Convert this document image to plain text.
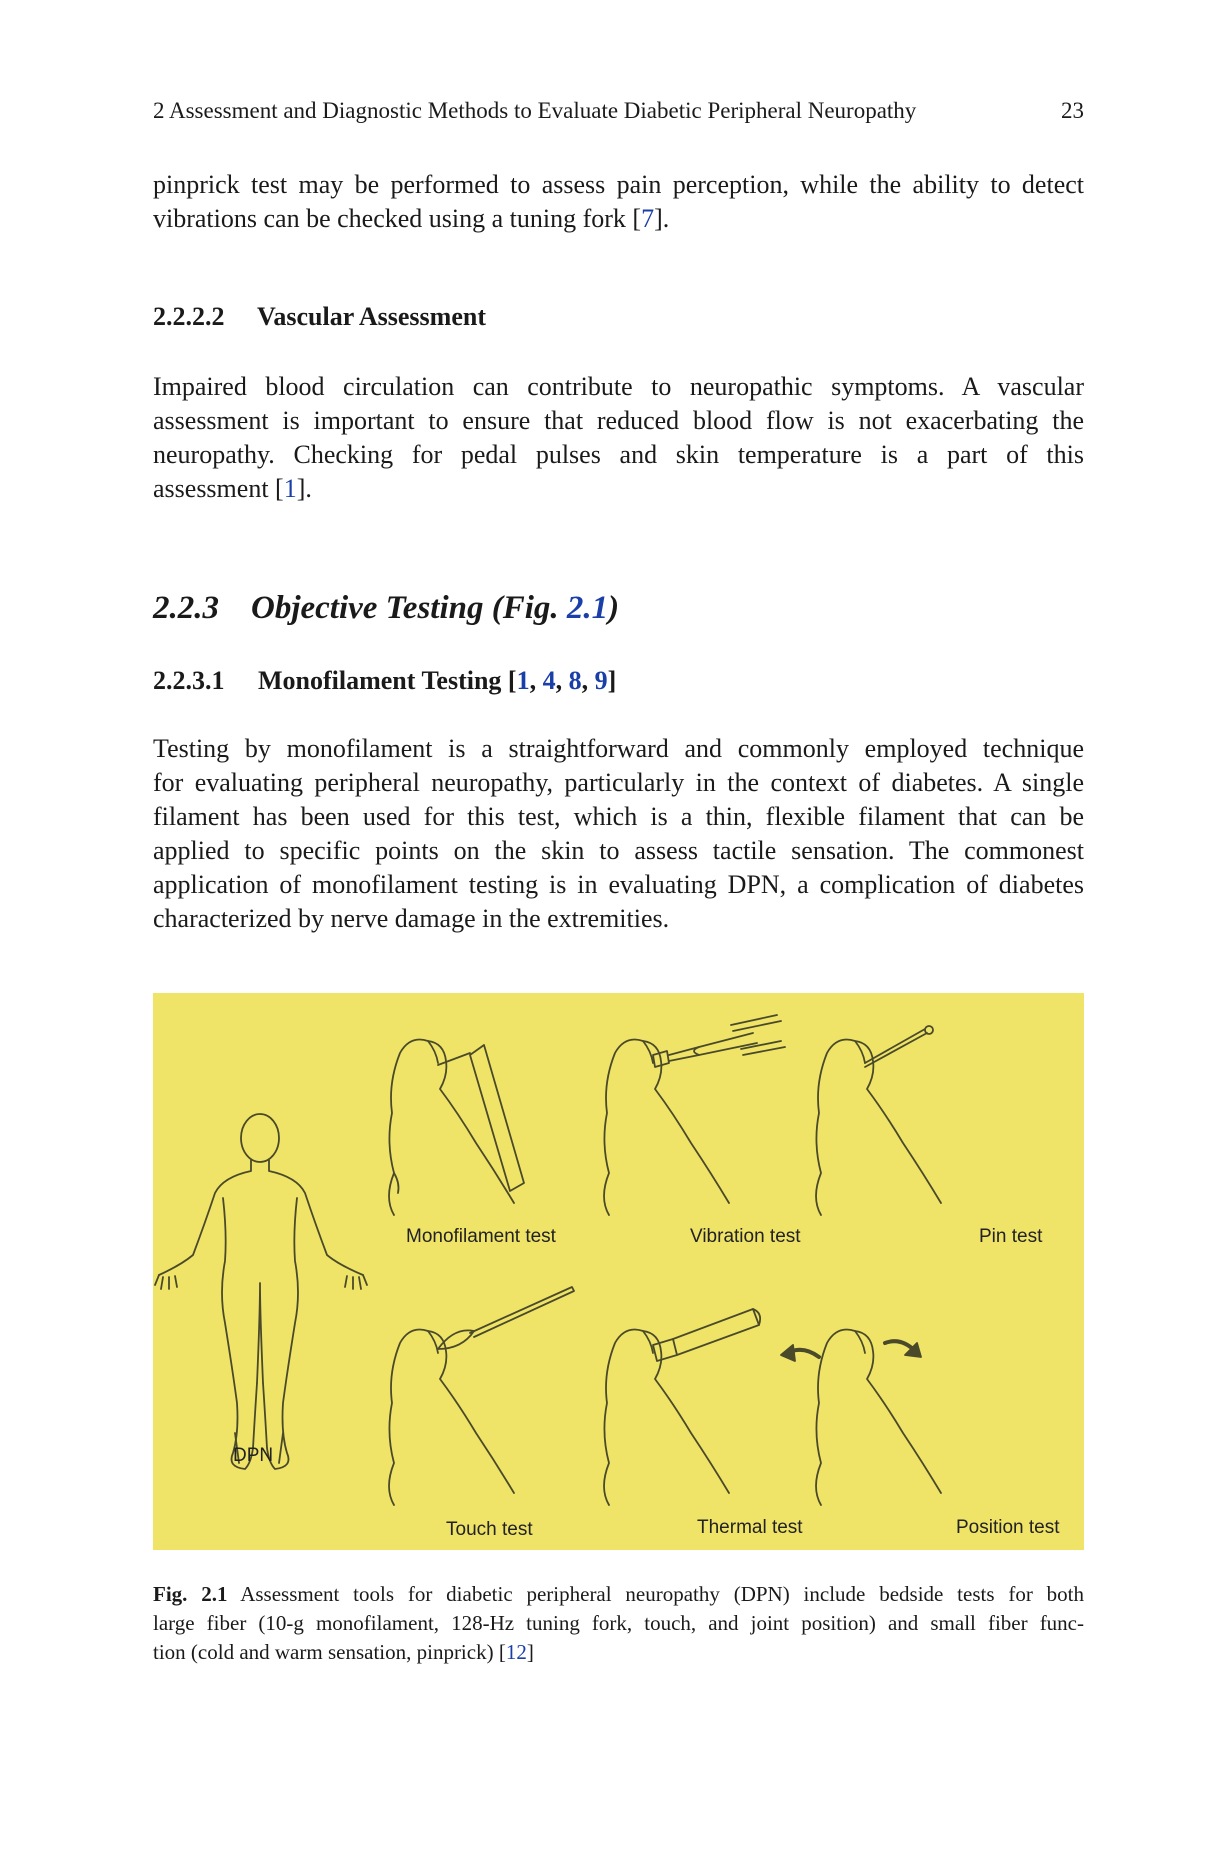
2 Assessment and Diagnostic Methods to Evaluate Diabetic Peripheral Neuropathy	23

pinprick test may be performed to assess pain perception, while the ability to detect
vibrations can be checked using a tuning fork [7].

2.2.2.2 Vascular Assessment

Impaired blood circulation can contribute to neuropathic symptoms. A vascular
assessment is important to ensure that reduced blood flow is not exacerbating the
neuropathy. Checking for pedal pulses and skin temperature is a part of this
assessment [1].

2.2.3 Objective Testing (Fig. 2.1)
2.2.3.1 Monofilament Testing [1, 4, 8, 9]

Testing by monofilament is a straightforward and commonly employed technique
for evaluating peripheral neuropathy, particularly in the context of diabetes. A single
filament has been used for this test, which is a thin, flexible filament that can be
applied to specific points on the skin to assess tactile sensation. The commonest
application of monofilament testing is in evaluating DPN, a complication of diabetes
characterized by nerve damage in the extremities.

DPN
Monofilament test	Vibration test	Pin test
Touch test	Thermal test	Position test

Fig. 2.1 Assessment tools for diabetic peripheral neuropathy (DPN) include bedside tests for both
large fiber (10-g monofilament, 128-Hz tuning fork, touch, and joint position) and small fiber func-
tion (cold and warm sensation, pinprick) [12]
